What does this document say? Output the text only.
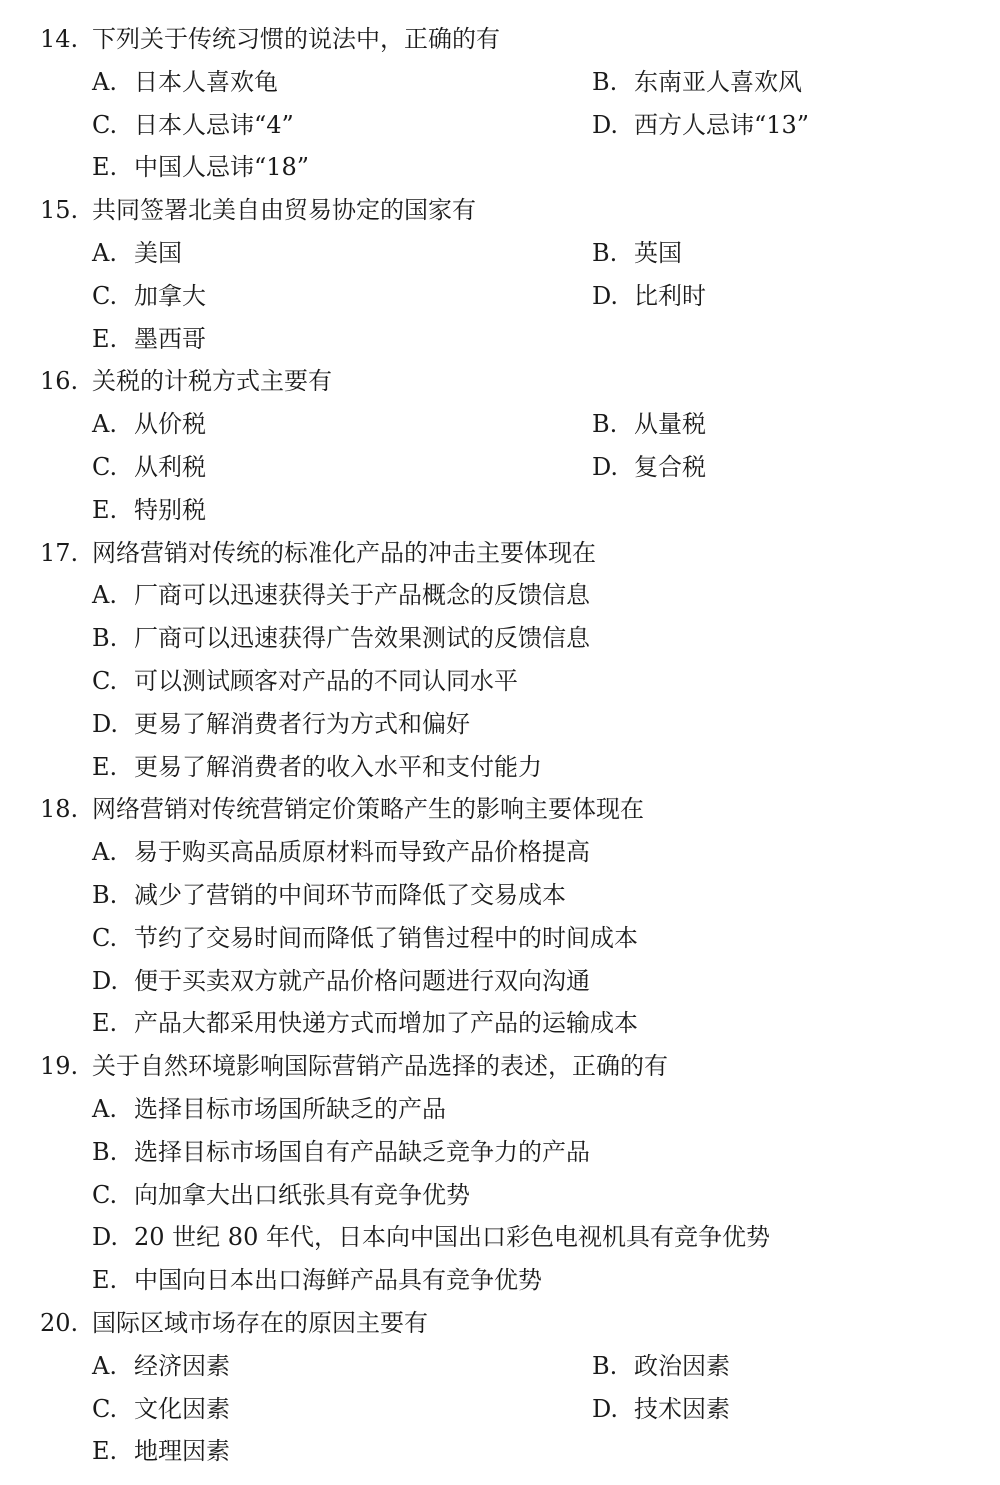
14. 下列关于传统习惯的说法中，正确的有
A. 日本人喜欢龟	B. 东南亚人喜欢风
C. 日本人忌讳“4”	D. 西方人忌讳“13”
E. 中国人忌讳“18”
15. 共同签署北美自由贸易协定的国家有
A. 美国	B. 英国
C. 加拿大	D. 比利时
E. 墨西哥
16. 关税的计税方式主要有
A. 从价税	B. 从量税
C. 从利税	D. 复合税
E. 特别税
17. 网络营销对传统的标准化产品的冲击主要体现在
A. 厂商可以迅速获得关于产品概念的反馈信息
B. 厂商可以迅速获得广告效果测试的反馈信息
C. 可以测试顾客对产品的不同认同水平
D. 更易了解消费者行为方式和偏好
E. 更易了解消费者的收入水平和支付能力
18. 网络营销对传统营销定价策略产生的影响主要体现在
A. 易于购买高品质原材料而导致产品价格提高
B. 减少了营销的中间环节而降低了交易成本
C. 节约了交易时间而降低了销售过程中的时间成本
D. 便于买卖双方就产品价格问题进行双向沟通
E. 产品大都采用快递方式而增加了产品的运输成本
19. 关于自然环境影响国际营销产品选择的表述，正确的有
A. 选择目标市场国所缺乏的产品
B. 选择目标市场国自有产品缺乏竞争力的产品
C. 向加拿大出口纸张具有竞争优势
D. 20 世纪 80 年代，日本向中国出口彩色电视机具有竞争优势
E. 中国向日本出口海鲜产品具有竞争优势
20. 国际区域市场存在的原因主要有
A. 经济因素	B. 政治因素
C. 文化因素	D. 技术因素
E. 地理因素
